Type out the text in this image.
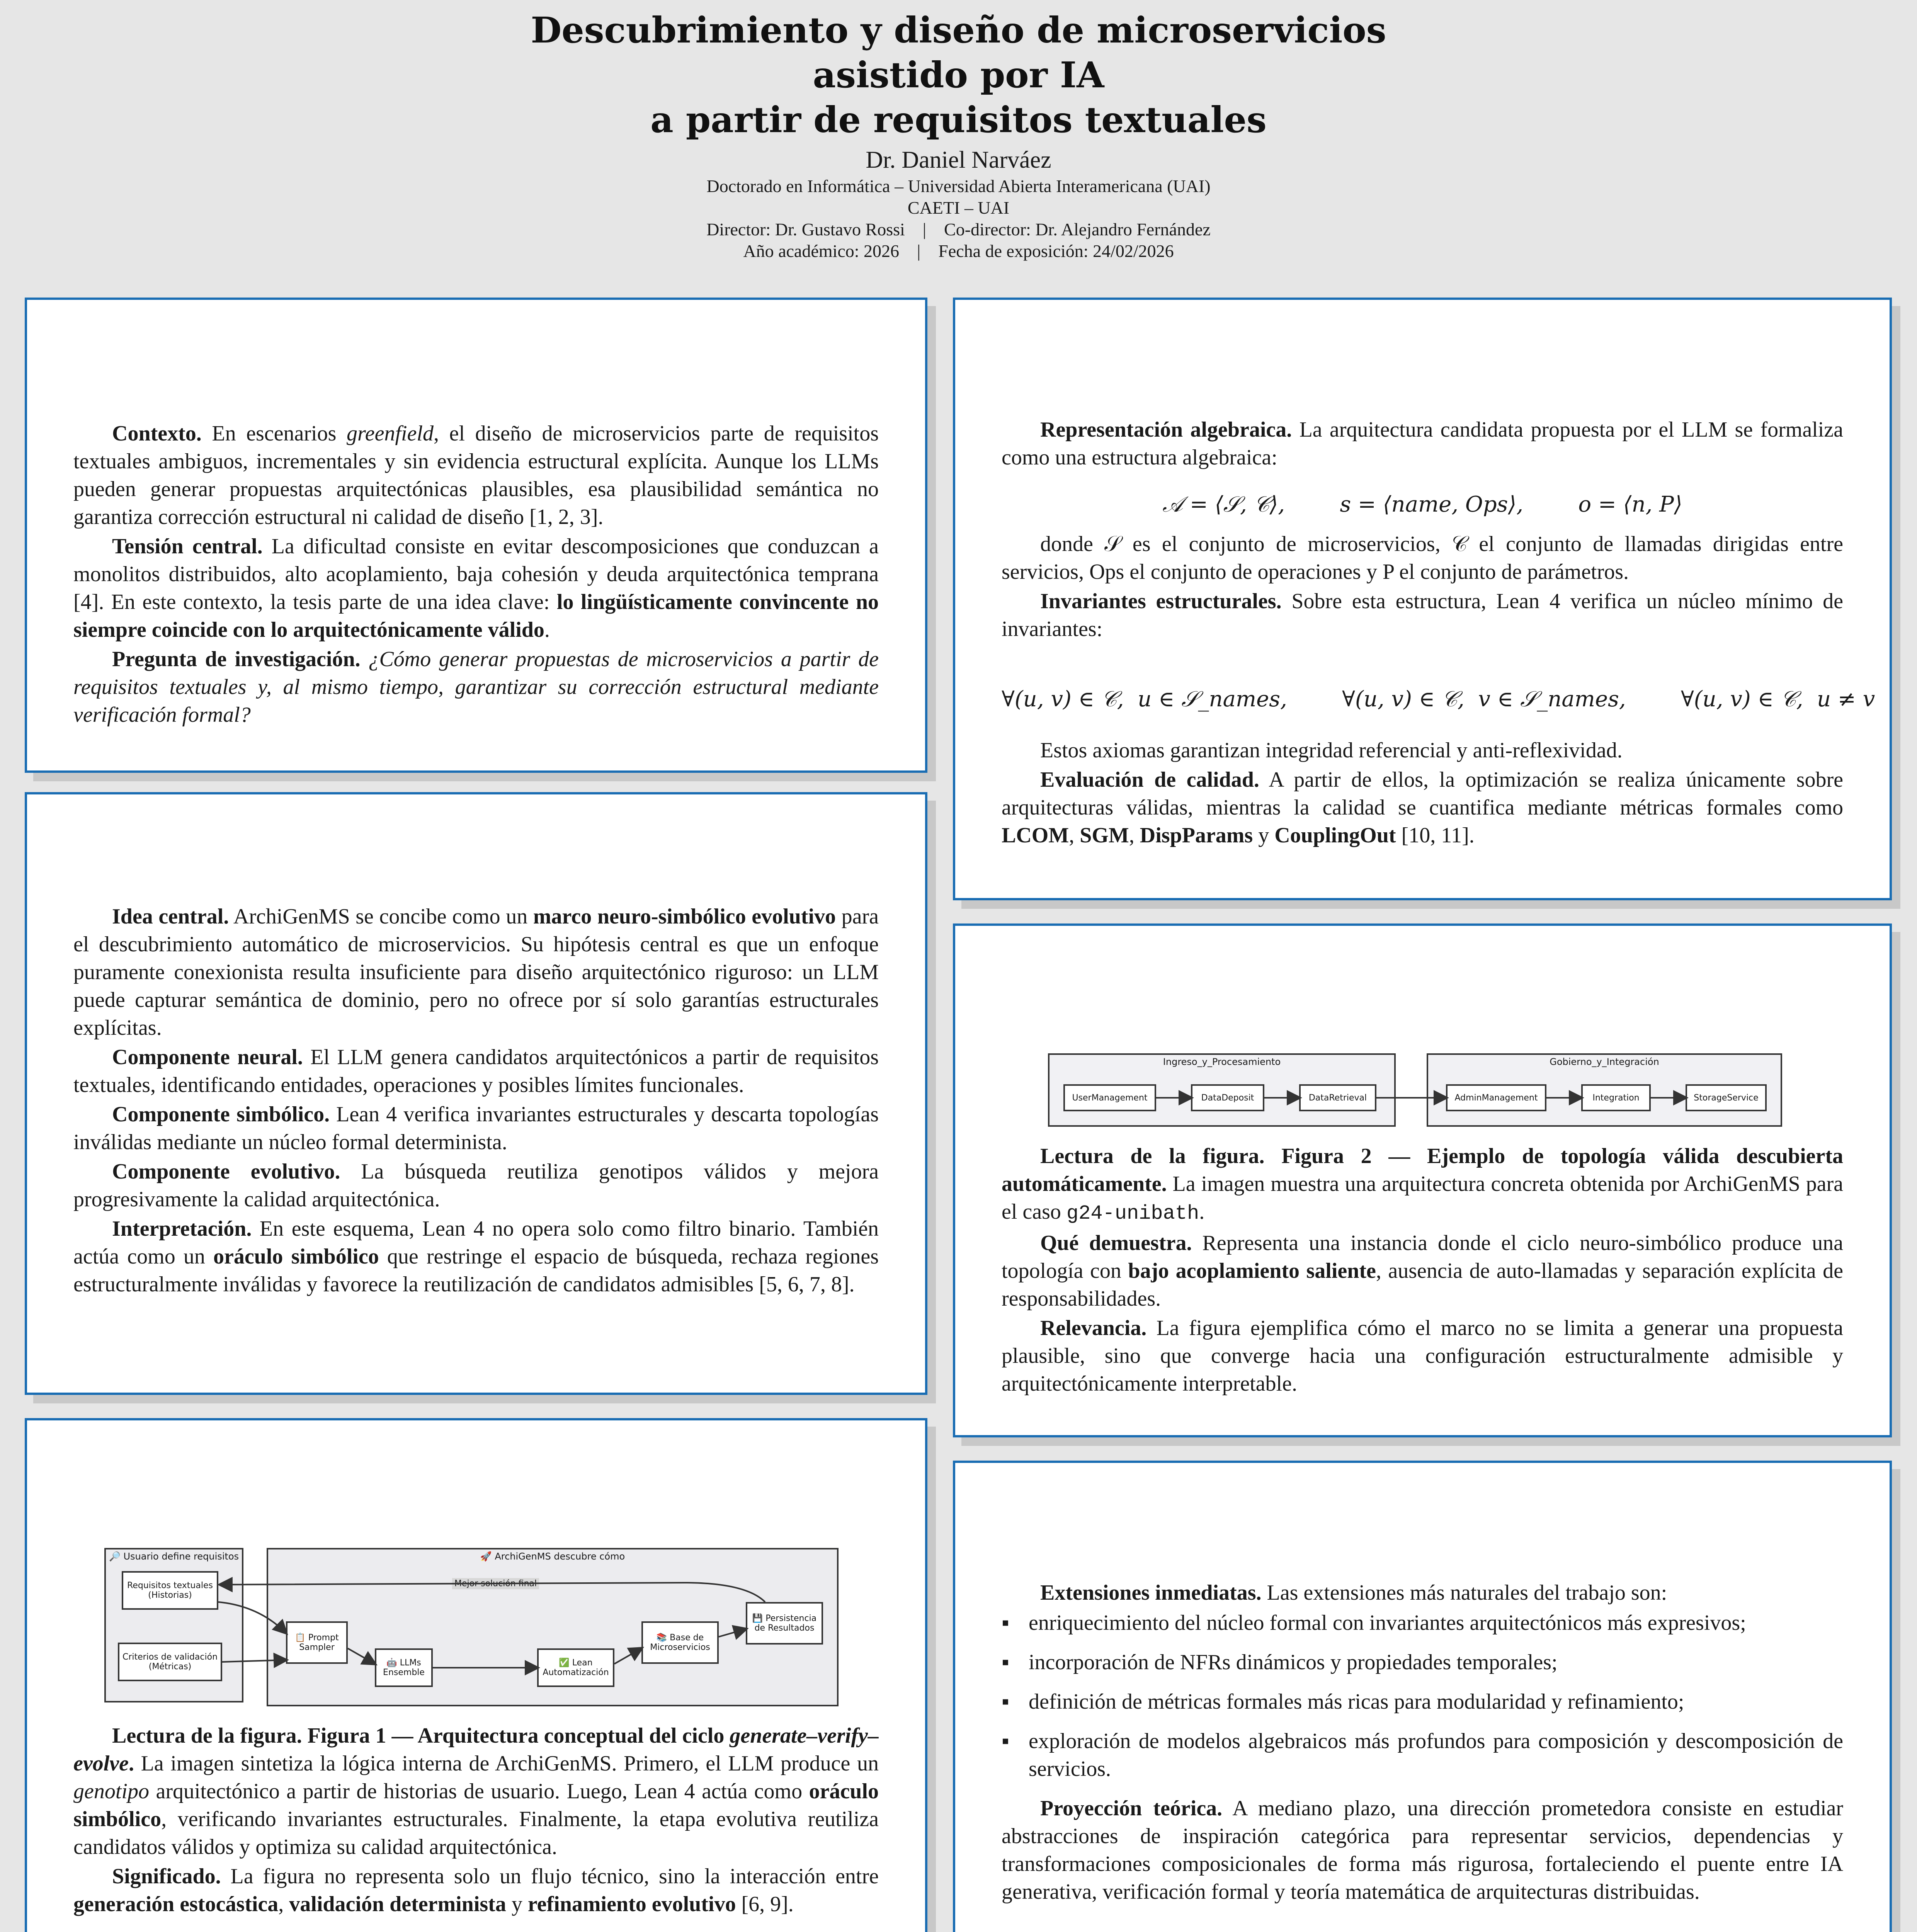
Descubrimiento y diseño de microservicios
asistido por IA
a partir de requisitos textuales
Dr. Daniel Narváez
Doctorado en Informática – Universidad Abierta Interamericana (UAI)
CAETI – UAI
Director: Dr. Gustavo Rossi    |    Co-director: Dr. Alejandro Fernández
Año académico: 2026    |    Fecha de exposición: 24/02/2026

Contexto. En escenarios greenfield, el diseño de microservicios parte de requisitos textuales ambiguos, incrementales y sin evidencia estructural explícita. Aunque los LLMs pueden generar propuestas arquitectónicas plausibles, esa plausibilidad semántica no garantiza corrección estructural ni calidad de diseño [1, 2, 3].

Tensión central. La dificultad consiste en evitar descomposiciones que conduzcan a monolitos distribuidos, alto acoplamiento, baja cohesión y deuda arquitectónica temprana [4]. En este contexto, la tesis parte de una idea clave: lo lingüísticamente convincente no siempre coincide con lo arquitectónicamente válido.

Pregunta de investigación. ¿Cómo generar propuestas de microservicios a partir de requisitos textuales y, al mismo tiempo, garantizar su corrección estructural mediante verificación formal?

Idea central. ArchiGenMS se concibe como un marco neuro-simbólico evolutivo para el descubrimiento automático de microservicios. Su hipótesis central es que un enfoque puramente conexionista resulta insuficiente para diseño arquitectónico riguroso: un LLM puede capturar semántica de dominio, pero no ofrece por sí solo garantías estructurales explícitas.

Componente neural. El LLM genera candidatos arquitectónicos a partir de requisitos textuales, identificando entidades, operaciones y posibles límites funcionales.

Componente simbólico. Lean 4 verifica invariantes estructurales y descarta topologías inválidas mediante un núcleo formal determinista.

Componente evolutivo. La búsqueda reutiliza genotipos válidos y mejora progresivamente la calidad arquitectónica.

Interpretación. En este esquema, Lean 4 no opera solo como filtro binario. También actúa como un oráculo simbólico que restringe el espacio de búsqueda, rechaza regiones estructuralmente inválidas y favorece la reutilización de candidatos admisibles [5, 6, 7, 8].

🔎 Usuario define requisitos
Requisitos textuales (Historias)
Criterios de validación (Métricas)
🚀 ArchiGenMS descubre cómo
📋 Prompt Sampler
🤖 LLMs Ensemble
✅ Lean Automatización
📚 Base de Microservicios
💾 Persistencia de Resultados
Mejor solución final

Lectura de la figura. Figura 1 — Arquitectura conceptual del ciclo generate–verify–evolve. La imagen sintetiza la lógica interna de ArchiGenMS. Primero, el LLM produce un genotipo arquitectónico a partir de historias de usuario. Luego, Lean 4 actúa como oráculo simbólico, verificando invariantes estructurales. Finalmente, la etapa evolutiva reutiliza candidatos válidos y optimiza su calidad arquitectónica.

Significado. La figura no representa solo un flujo técnico, sino la interacción entre generación estocástica, validación determinista y refinamiento evolutivo [6, 9].

Representación algebraica. La arquitectura candidata propuesta por el LLM se formaliza como una estructura algebraica:

𝒜 = ⟨𝒮, 𝒞⟩,        s = ⟨name, Ops⟩,        o = ⟨n, P⟩

donde 𝒮 es el conjunto de microservicios, 𝒞 el conjunto de llamadas dirigidas entre servicios, Ops el conjunto de operaciones y P el conjunto de parámetros.

Invariantes estructurales. Sobre esta estructura, Lean 4 verifica un núcleo mínimo de invariantes:

∀(u, v) ∈ 𝒞,  u ∈ 𝒮_names,        ∀(u, v) ∈ 𝒞,  v ∈ 𝒮_names,        ∀(u, v) ∈ 𝒞,  u ≠ v

Estos axiomas garantizan integridad referencial y anti-reflexividad.

Evaluación de calidad. A partir de ellos, la optimización se realiza únicamente sobre arquitecturas válidas, mientras la calidad se cuantifica mediante métricas formales como LCOM, SGM, DispParams y CouplingOut [10, 11].

Ingreso_y_Procesamiento	Gobierno_y_Integración
UserManagement	DataDeposit	DataRetrieval	AdminManagement	Integration	StorageService

Lectura de la figura. Figura 2 — Ejemplo de topología válida descubierta automáticamente. La imagen muestra una arquitectura concreta obtenida por ArchiGenMS para el caso g24-unibath.

Qué demuestra. Representa una instancia donde el ciclo neuro-simbólico produce una topología con bajo acoplamiento saliente, ausencia de auto-llamadas y separación explícita de responsabilidades.

Relevancia. La figura ejemplifica cómo el marco no se limita a generar una propuesta plausible, sino que converge hacia una configuración estructuralmente admisible y arquitectónicamente interpretable.

Extensiones inmediatas. Las extensiones más naturales del trabajo son:

▪ enriquecimiento del núcleo formal con invariantes arquitectónicos más expresivos;
▪ incorporación de NFRs dinámicos y propiedades temporales;
▪ definición de métricas formales más ricas para modularidad y refinamiento;
▪ exploración de modelos algebraicos más profundos para composición y descomposición de servicios.

Proyección teórica. A mediano plazo, una dirección prometedora consiste en estudiar abstracciones de inspiración categórica para representar servicios, dependencias y transformaciones composicionales de forma más rigurosa, fortaleciendo el puente entre IA generativa, verificación formal y teoría matemática de arquitecturas distribuidas.
